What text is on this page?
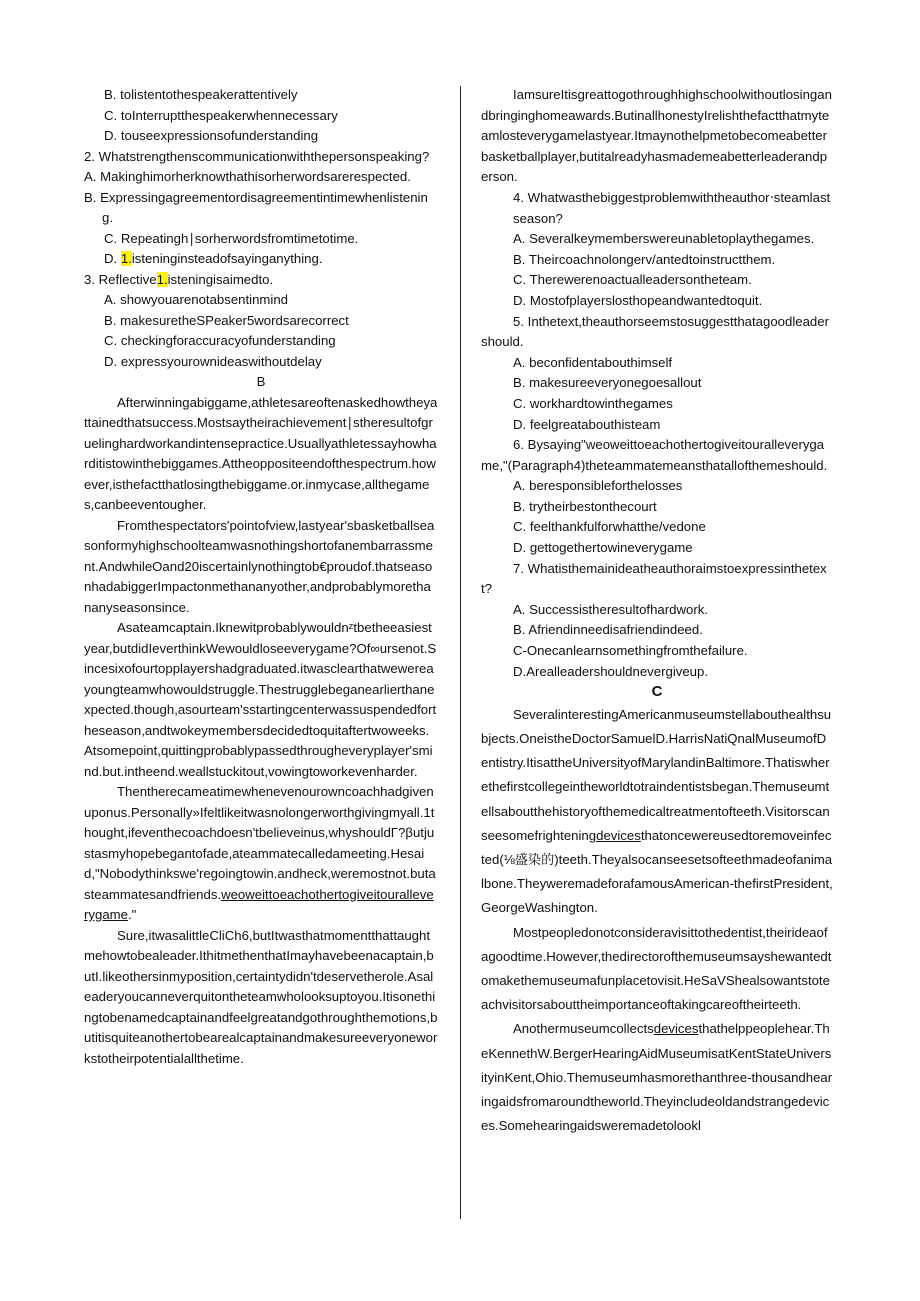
B. tolistentothespeakerattentively
C. toInterruptthespeakerwhennecessary
D. touseexpressionsofunderstanding
2. Whatstrengthenscommunicationwiththepersonspeaking?
A. Makinghimorherknowthathisorherwordsarerespected.
B. Expressingagreementordisagreementintimewhenlistening.
C. Repeatingh∣sorherwordsfromtimetotime.
D. 1.isteninginsteadofsayinganything.
3. Reflective1.isteningisaimedto.
A. showyouarenotabsentinmind
B. makesuretheSPeaker5wordsarecorrect
C. checkingforaccuracyofunderstanding
D. expressyourownideaswithoutdelay
B
Afterwinningabiggame,athletesareoftenaskedhowtheyattainedthatsuccess.Mostsaytheirachievement∣stheresultofgruelinghardworkandintensepractice.Usuallyathletessayhowharditistowinthebiggames.Attheoppositeendofthespectrum.however,isthefactthatlosingthebiggame.or.inmycase,allthegames,canbeeventougher.
Fromthespectators'pointofview,lastyear'sbasketballseasonformyhighschoolteamwasnothingshortofanembarrassment.AndwhileOand20iscertainlynothingtob€proudof.thatseasonhadabiggerImpactonmethananyother,andprobablymorethananyseasonsince.
Asateamcaptain.Iknewitprobablywouldnᶻtbetheeasiestyear,butdidIeverthinkWewouldloseeverygame?Of∞ursenot.Sincesixofourtopplayershadgraduated.itwascleartha​twewereayoungteamwhowouldstruggle.Thestrugglebeganearlierthanexpected.though,asourteam'sstartingcenterwassuspendedfortheseason,andtwokeymembersdecidedtoquitaftertwoweeks.Atsomepoint,quittingprobablypassedthrougheveryplayer'smind.but.intheend.wealls​tuckitout,vowingtoworkevenharder.
Thentherecameatimewheneven​ourowncoachhadgivenuponus.Personally»Ifeltlikeitwasnolongerworthgivingmyall.1thought,ifeventhecoachdoesn'tbelieveinus,whyshouldΓ?βutjustasmyhopebegantofade,ateammatecalledameeting.Hesaid,"Nobodythinkswe'regoingtowin.andheck,weremostnot.butasteammatesandfriends.weowe​ittoeachothertogiveitourallevery​game."
Sure,itwasalittleCliCh6,butItwasthatmomentthattaughtmehowtobealeader.Ithitmethenthat​Imayhavebeenacaptain,butI.likeothersinmyposition,certaintydidn'tdeservetherole.Asaleaderyoucanneverquitontheteamwholooksuptoyou.Itisonethingtobenamedcaptainandfeelgreatandgothroughthemotions,butitisquiteanothertobearealcaptainandmakesureeveryoneworkstotheirpotentialallthetime.
IamsureItisgreattogothroughhighschoolwithoutlosingandbringinghomeawards.ButinallhonestyIrelishthefactthatmyteamlosteverygamelastyear.Itmaynothelpmetobecomeabetterbasketballplayer,butitalreadyhasmademeabetterleaderandperson.
4. Whatwasthebiggestproblemwiththeauthor‧steamlastseason?
A. Severalkeymemberswereunabletoplaythegames.
B. Theircoachnolongerv/antedtoinstructthem.
C. Therewerenoactualleadersontheteam.
D. Mostofplayerslosthopeandwantedtoquit.
5. Inthetext,theauthorseemstosuggestthatagoodleadershould.
A. beconfidentabouthimself
B. makesureeveryonegoesallout
C. workhardtowinthegames
D. feelgreatabouthisteam
6. Bysaying"weowe​ittoeachothertogiveitourallevery​game,"(Paragraph4)theteammatemeansthatalloftheme​should.
A. beresponsibleforthelosses
B. trytheirbestonthecourt
C. feelthankfulforwhatthe/vedone
D. gettogethertowineverygame
7. Whatisthemainideatheauthoraimstoexpressinthetext?
A. Successistheresultofhardwork.
B. Afriendinneedisafriendindeed.
C-Onecanlearnsomethingfromthefailure.
D.Arealleadershouldnevergiveup.
C
SeveralinterestingAmericanmuseumstellabouthealthsubjects.OneistheDoctorSamuelD.HarrisNatiQnalMuseumofDentistry.ItisattheUniversityofMarylandinBaltimore.Thatiswherethefirstcollegeintheworldtotraindentistsbegan.Themuseumtellsaboutthehistoryofthemedicaltreatmentofteeth.Visitorscanseesomefrighteningdevicesthatoncewereusedtoremoveinfected(⅛盛染的)teeth.Theyalsocanseesetsofteethmadeofanimalbone.TheyweremadeforafamousAmerican-thefirstPresident,GeorgeWashington.
Mostpeopledonotconsideravisittothedentist,theirideaofagoodtime.However,thedirectorofthemuseumsayshewantedtomakethemuseumafunplacetovisit.HeSaVSheal​sowantstoteachvisitorsabouttheimportanceoftakingcareoftheirteeth.
Anothermuseumcollectsdevicesthathelppeoplehear.TheKennethW.BergerHearingAidMuseumisatKentStateUniversityinKent,Ohio.Themuseumhasmorethanthree-thousandhearingaidsfromaroundtheworld.Theyincludeoldandstrangedevices.Somehearingaidsweremadetolookl
